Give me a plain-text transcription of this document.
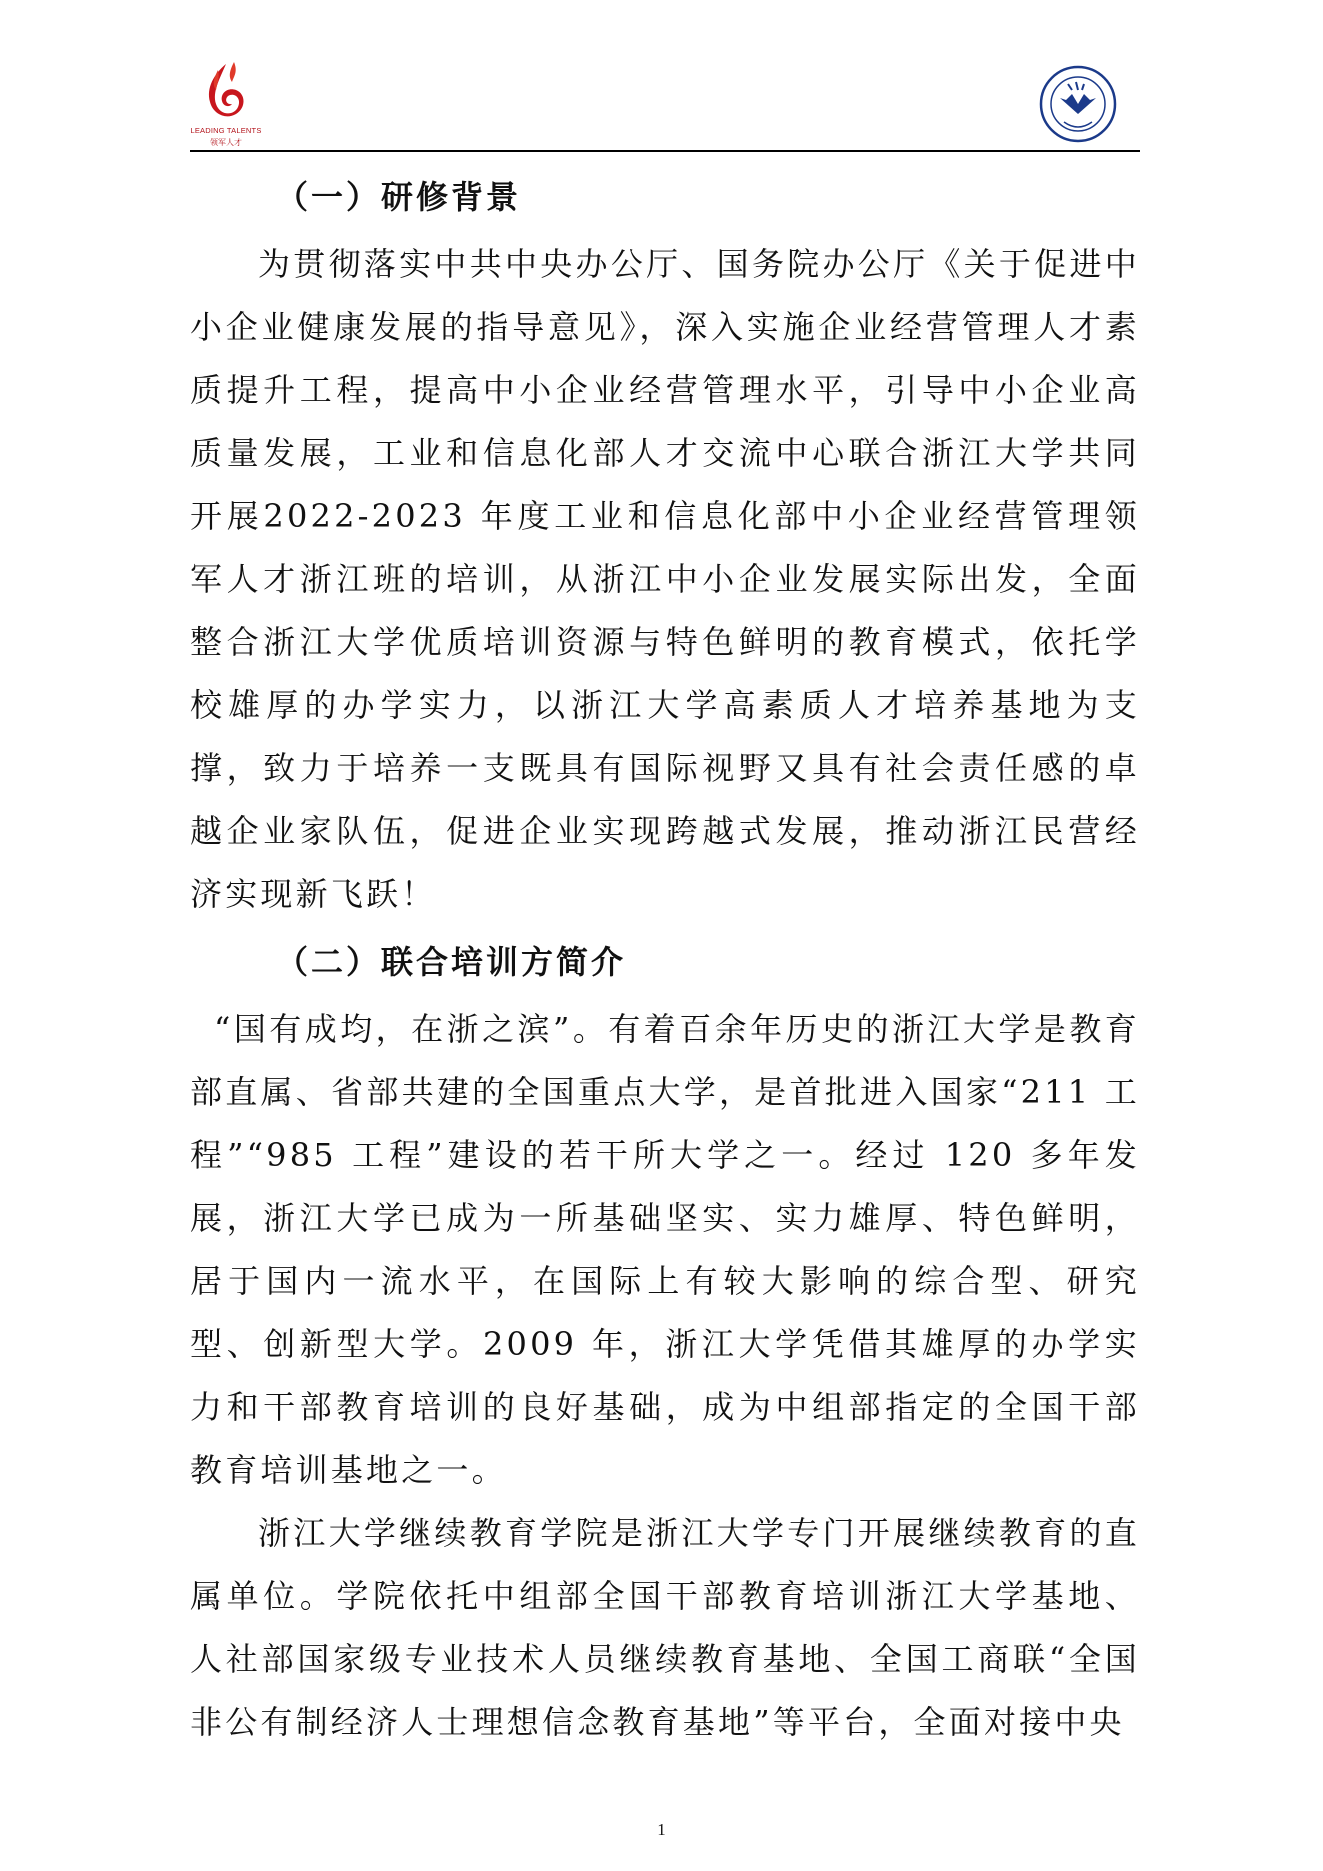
LEADING TALENTS
领军人才
（一）研修背景

为贯彻落实中共中央办公厅、国务院办公厅《关于促进中小企业健康发展的指导意见》，深入实施企业经营管理人才素质提升工程，提高中小企业经营管理水平，引导中小企业高质量发展，工业和信息化部人才交流中心联合浙江大学共同开展2022-2023 年度工业和信息化部中小企业经营管理领军人才浙江班的培训，从浙江中小企业发展实际出发，全面整合浙江大学优质培训资源与特色鲜明的教育模式，依托学校雄厚的办学实力，以浙江大学高素质人才培养基地为支撑，致力于培养一支既具有国际视野又具有社会责任感的卓越企业家队伍，促进企业实现跨越式发展，推动浙江民营经济实现新飞跃！

（二）联合培训方简介

“国有成均，在浙之滨”。有着百余年历史的浙江大学是教育部直属、省部共建的全国重点大学，是首批进入国家“211 工程”“985 工程”建设的若干所大学之一。经过 120 多年发展，浙江大学已成为一所基础坚实、实力雄厚、特色鲜明，居于国内一流水平，在国际上有较大影响的综合型、研究型、创新型大学。2009 年，浙江大学凭借其雄厚的办学实力和干部教育培训的良好基础，成为中组部指定的全国干部教育培训基地之一。

浙江大学继续教育学院是浙江大学专门开展继续教育的直属单位。学院依托中组部全国干部教育培训浙江大学基地、人社部国家级专业技术人员继续教育基地、全国工商联“全国非公有制经济人士理想信念教育基地”等平台，全面对接中央

1
